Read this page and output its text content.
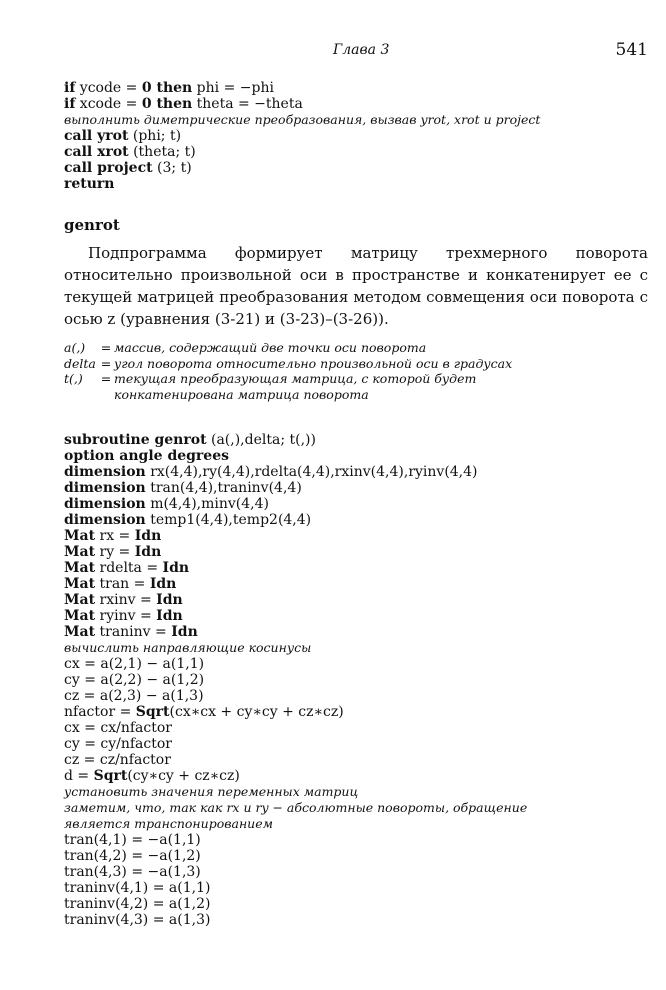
Глава 3	541
if ycode = 0 then phi = −phi
if xcode = 0 then theta = −theta
выполнить диметрические преобразования, вызвав yrot, xrot и project
call yrot (phi; t)
call xrot (theta; t)
call project (3; t)
return
genrot
Подпрограмма формирует матрицу трехмерного поворота относительно произвольной оси в пространстве и конкатенирует ее с текущей матрицей преобразования методом совмещения оси поворота с осью z (уравнения (3-21) и (3-23)–(3-26)).
a(,)	= массив, содержащий две точки оси поворота
delta = угол поворота относительно произвольной оси в градусах
t(,)	= текущая преобразующая матрица, с которой будет
конкатенирована матрица поворота
subroutine genrot (a(,),delta; t(,))
option angle degrees
dimension rx(4,4),ry(4,4),rdelta(4,4),rxinv(4,4),ryinv(4,4)
dimension tran(4,4),traninv(4,4)
dimension m(4,4),minv(4,4)
dimension temp1(4,4),temp2(4,4)
Mat rx = Idn
Mat ry = Idn
Mat rdelta = Idn
Mat tran = Idn
Mat rxinv = Idn
Mat ryinv = Idn
Mat traninv = Idn
вычислить направляющие косинусы
cx = a(2,1) − a(1,1)
cy = a(2,2) − a(1,2)
cz = a(2,3) − a(1,3)
nfactor = Sqrt(cx∗cx + cy∗cy + cz∗cz)
cx = cx/nfactor
cy = cy/nfactor
cz = cz/nfactor
d = Sqrt(cy∗cy + cz∗cz)
установить значения переменных матриц
заметим, что, так как rx и ry − абсолютные повороты, обращение
является транспонированием
tran(4,1) = −a(1,1)
tran(4,2) = −a(1,2)
tran(4,3) = −a(1,3)
traninv(4,1) = a(1,1)
traninv(4,2) = a(1,2)
traninv(4,3) = a(1,3)
